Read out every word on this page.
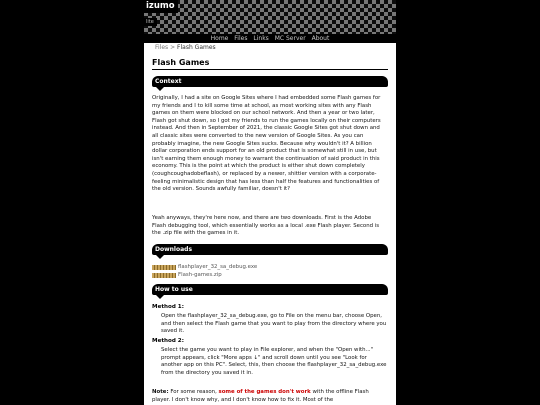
izumo
lite
Home Files Links MC Server About
Files > Flash Games
Flash Games
Context

Originally, I had a site on Google Sites where I had embedded some Flash games for my friends and I to kill some time at school, as most working sites with any Flash games on them were blocked on our school network. And then a year or two later, Flash got shut down, so I got my friends to run the games locally on their computers instead. And then in September of 2021, the classic Google Sites got shut down and all classic sites were converted to the new version of Google Sites. As you can probably imagine, the new Google Sites sucks. Because why wouldn't it? A billion dollar corporation ends support for an old product that is somewhat still in use, but isn't earning them enough money to warrant the continuation of said product in this economy. This is the point at which the product is either shut down completely (coughcoughadobeflash), or replaced by a newer, shittier version with a corporate-feeling minimalistic design that has less than half the features and functionalities of the old version. Sounds awfully familiar, doesn't it?

Yeah anyways, they're here now, and there are two downloads. First is the Adobe Flash debugging tool, which essentially works as a local .exe Flash player. Second is the .zip file with the games in it.

Downloads
flashplayer_32_sa_debug.exe
Flash-games.zip
How to use
Method 1:

Open the flashplayer_32_sa_debug.exe, go to File on the menu bar, choose Open, and then select the Flash game that you want to play from the directory where you saved it.

Method 2:

Select the game you want to play in File explorer, and when the "Open with..." prompt appears, click "More apps ↓" and scroll down until you see "Look for another app on this PC". Select, this, then choose the flashplayer_32_sa_debug.exe from the directory you saved it in.

Note: For some reason, some of the games don't work with the offline Flash player. I don't know why, and I don't know how to fix it. Most of the
